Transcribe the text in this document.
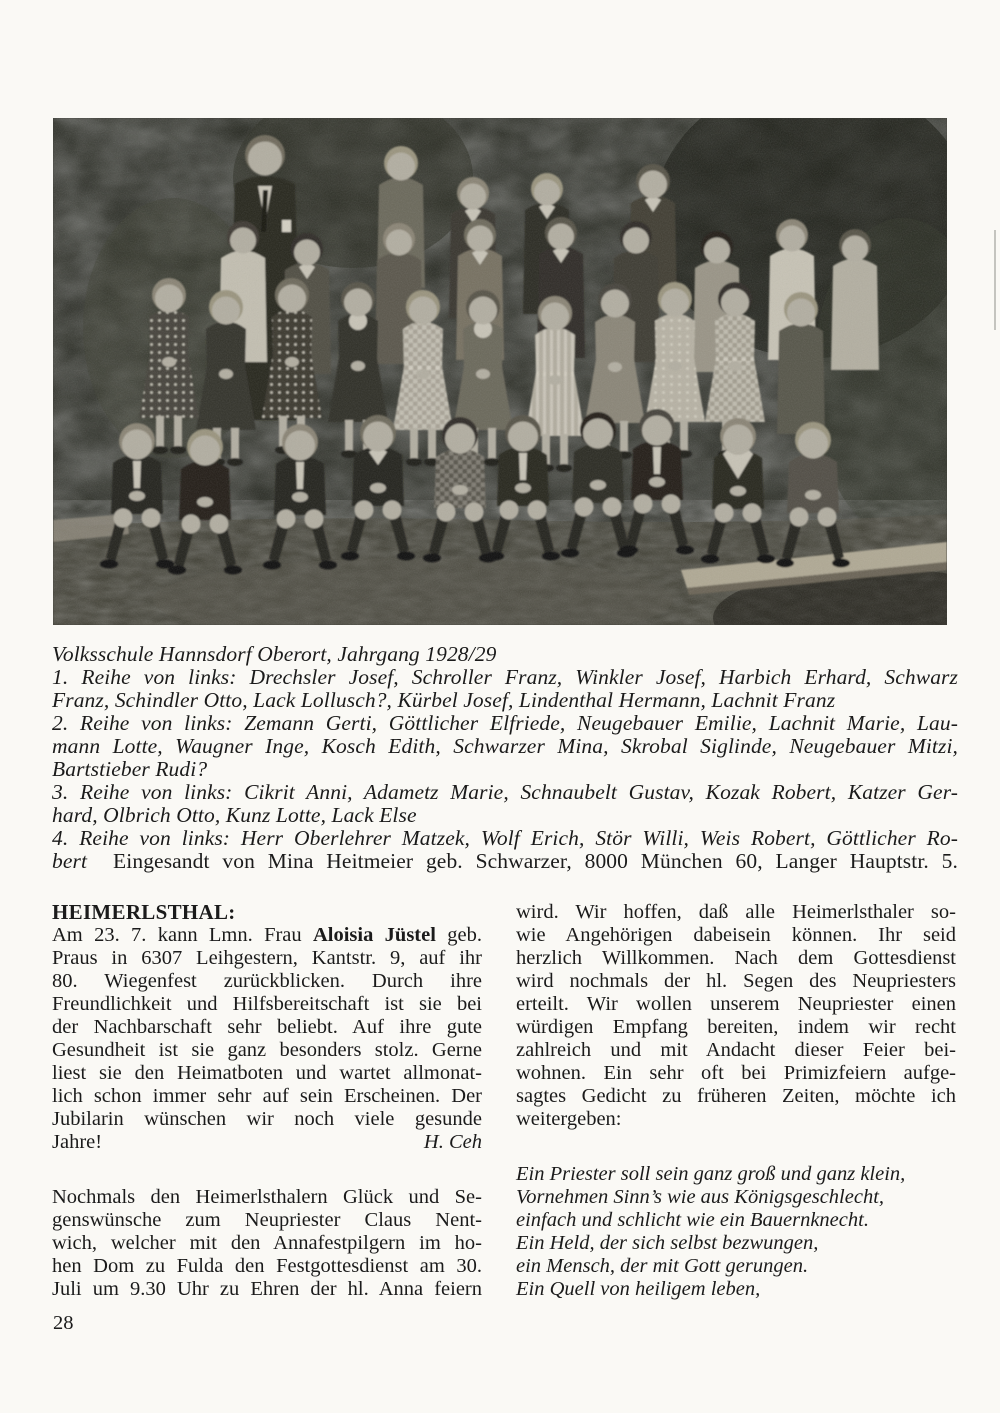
Volksschule Hannsdorf Oberort, Jahrgang 1928/29
1. Reihe von links: Drechsler Josef, Schroller Franz, Winkler Josef, Harbich Erhard, Schwarz
Franz, Schindler Otto, Lack Lollusch?, Kürbel Josef, Lindenthal Hermann, Lachnit Franz
2. Reihe von links: Zemann Gerti, Göttlicher Elfriede, Neugebauer Emilie, Lachnit Marie, Lau-
mann Lotte, Waugner Inge, Kosch Edith, Schwarzer Mina, Skrobal Siglinde, Neugebauer Mitzi,
Bartstieber Rudi?
3. Reihe von links: Cikrit Anni, Adametz Marie, Schnaubelt Gustav, Kozak Robert, Katzer Ger-
hard, Olbrich Otto, Kunz Lotte, Lack Else
4. Reihe von links: Herr Oberlehrer Matzek, Wolf Erich, Stör Willi, Weis Robert, Göttlicher Ro-
bert Eingesandt von Mina Heitmeier geb. Schwarzer, 8000 München 60, Langer Hauptstr. 5.
HEIMERLSTHAL:
Am 23. 7. kann Lmn. Frau Aloisia Jüstel geb.
Praus in 6307 Leihgestern, Kantstr. 9, auf ihr
80. Wiegenfest zurückblicken. Durch ihre
Freundlichkeit und Hilfsbereitschaft ist sie bei
der Nachbarschaft sehr beliebt. Auf ihre gute
Gesundheit ist sie ganz besonders stolz. Gerne
liest sie den Heimatboten und wartet allmonat-
lich schon immer sehr auf sein Erscheinen. Der
Jubilarin wünschen wir noch viele gesunde
Jahre!	H. Ceh
Nochmals den Heimerlsthalern Glück und Se-
genswünsche zum Neupriester Claus Nent-
wich, welcher mit den Annafestpilgern im ho-
hen Dom zu Fulda den Festgottesdienst am 30.
Juli um 9.30 Uhr zu Ehren der hl. Anna feiern
wird. Wir hoffen, daß alle Heimerlsthaler so-
wie Angehörigen dabeisein können. Ihr seid
herzlich Willkommen. Nach dem Gottesdienst
wird nochmals der hl. Segen des Neupriesters
erteilt. Wir wollen unserem Neupriester einen
würdigen Empfang bereiten, indem wir recht
zahlreich und mit Andacht dieser Feier bei-
wohnen. Ein sehr oft bei Primizfeiern aufge-
sagtes Gedicht zu früheren Zeiten, möchte ich
weitergeben:
Ein Priester soll sein ganz groß und ganz klein,
Vornehmen Sinn’s wie aus Königsgeschlecht,
einfach und schlicht wie ein Bauernknecht.
Ein Held, der sich selbst bezwungen,
ein Mensch, der mit Gott gerungen.
Ein Quell von heiligem leben,
28
